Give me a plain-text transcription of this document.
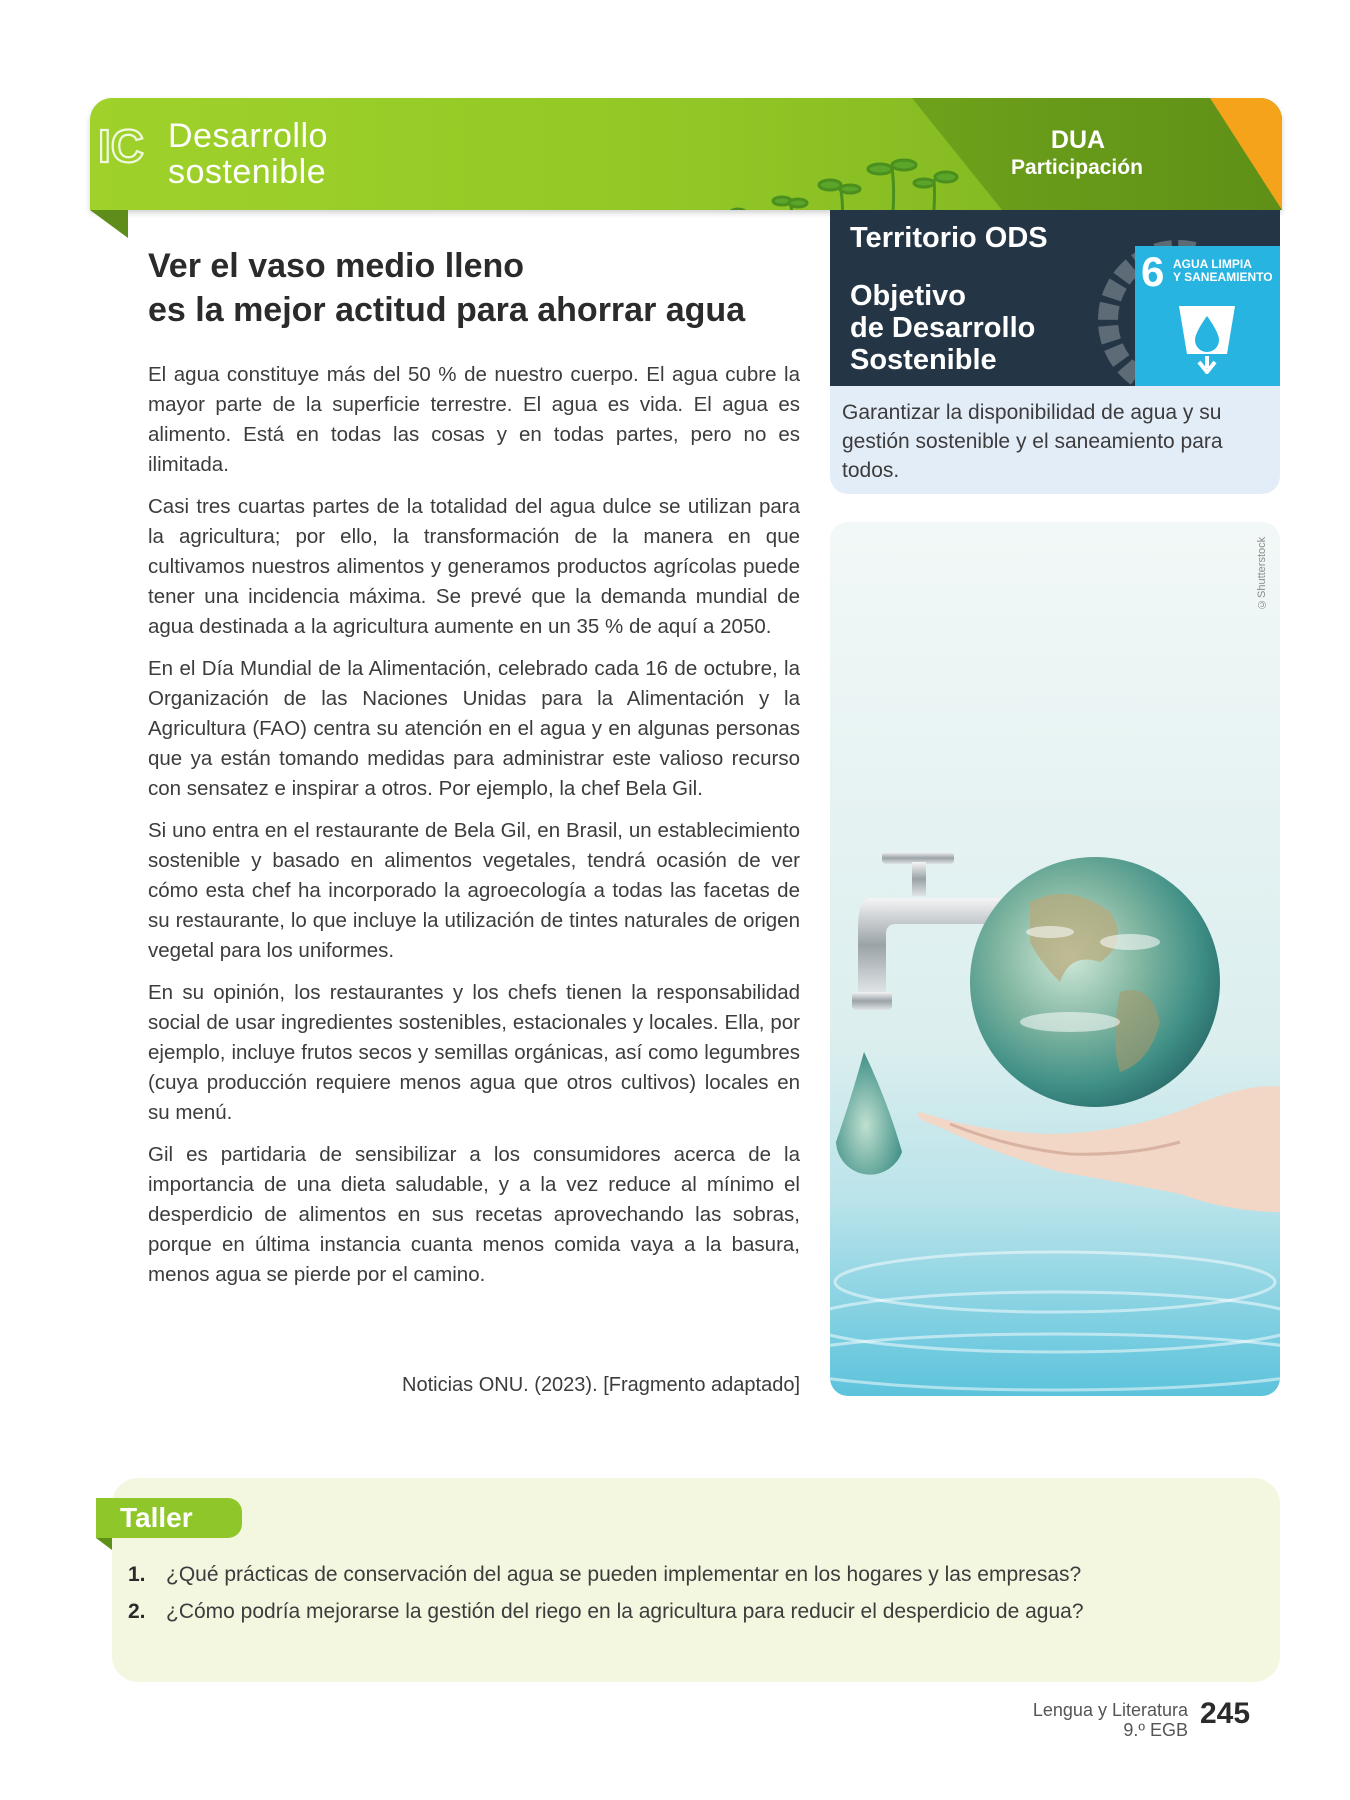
IC Desarrollo
sostenible
DUA
Participación
Ver el vaso medio lleno
es la mejor actitud para ahorrar agua

El agua constituye más del 50 % de nuestro cuerpo. El agua cubre la mayor parte de la superficie terrestre. El agua es vida. El agua es alimento. Está en todas las cosas y en todas partes, pero no es ilimitada.

Casi tres cuartas partes de la totalidad del agua dulce se utilizan para la agricultura; por ello, la transformación de la manera en que cultivamos nuestros alimentos y generamos productos agrícolas puede tener una incidencia máxima. Se prevé que la demanda mundial de agua destinada a la agricultura aumente en un 35 % de aquí a 2050.

En el Día Mundial de la Alimentación, celebrado cada 16 de octubre, la Organización de las Naciones Unidas para la Alimentación y la Agricultura (FAO) centra su atención en el agua y en algunas personas que ya están tomando medidas para administrar este valioso recurso con sensatez e inspirar a otros. Por ejemplo, la chef Bela Gil.

Si uno entra en el restaurante de Bela Gil, en Brasil, un establecimiento sostenible y basado en alimentos vegetales, tendrá ocasión de ver cómo esta chef ha incorporado la agroecología a todas las facetas de su restaurante, lo que incluye la utilización de tintes naturales de origen vegetal para los uniformes.

En su opinión, los restaurantes y los chefs tienen la responsabilidad social de usar ingredientes sostenibles, estacionales y locales. Ella, por ejemplo, incluye frutos secos y semillas orgánicas, así como legumbres (cuya producción requiere menos agua que otros cultivos) locales en su menú.

Gil es partidaria de sensibilizar a los consumidores acerca de la importancia de una dieta saludable, y a la vez reduce al mínimo el desperdicio de alimentos en sus recetas aprovechando las sobras, porque en última instancia cuanta menos comida vaya a la basura, menos agua se pierde por el camino.

Noticias ONU. (2023). [Fragmento adaptado]
Territorio ODS
Objetivo
de Desarrollo
Sostenible
6 AGUA LIMPIA
Y SANEAMIENTO
Garantizar la disponibilidad de agua y su gestión sostenible y el saneamiento para todos.
©Shutterstock
Taller
1. ¿Qué prácticas de conservación del agua se pueden implementar en los hogares y las empresas?
2. ¿Cómo podría mejorarse la gestión del riego en la agricultura para reducir el desperdicio de agua?
Lengua y Literatura
9.º EGB 245
